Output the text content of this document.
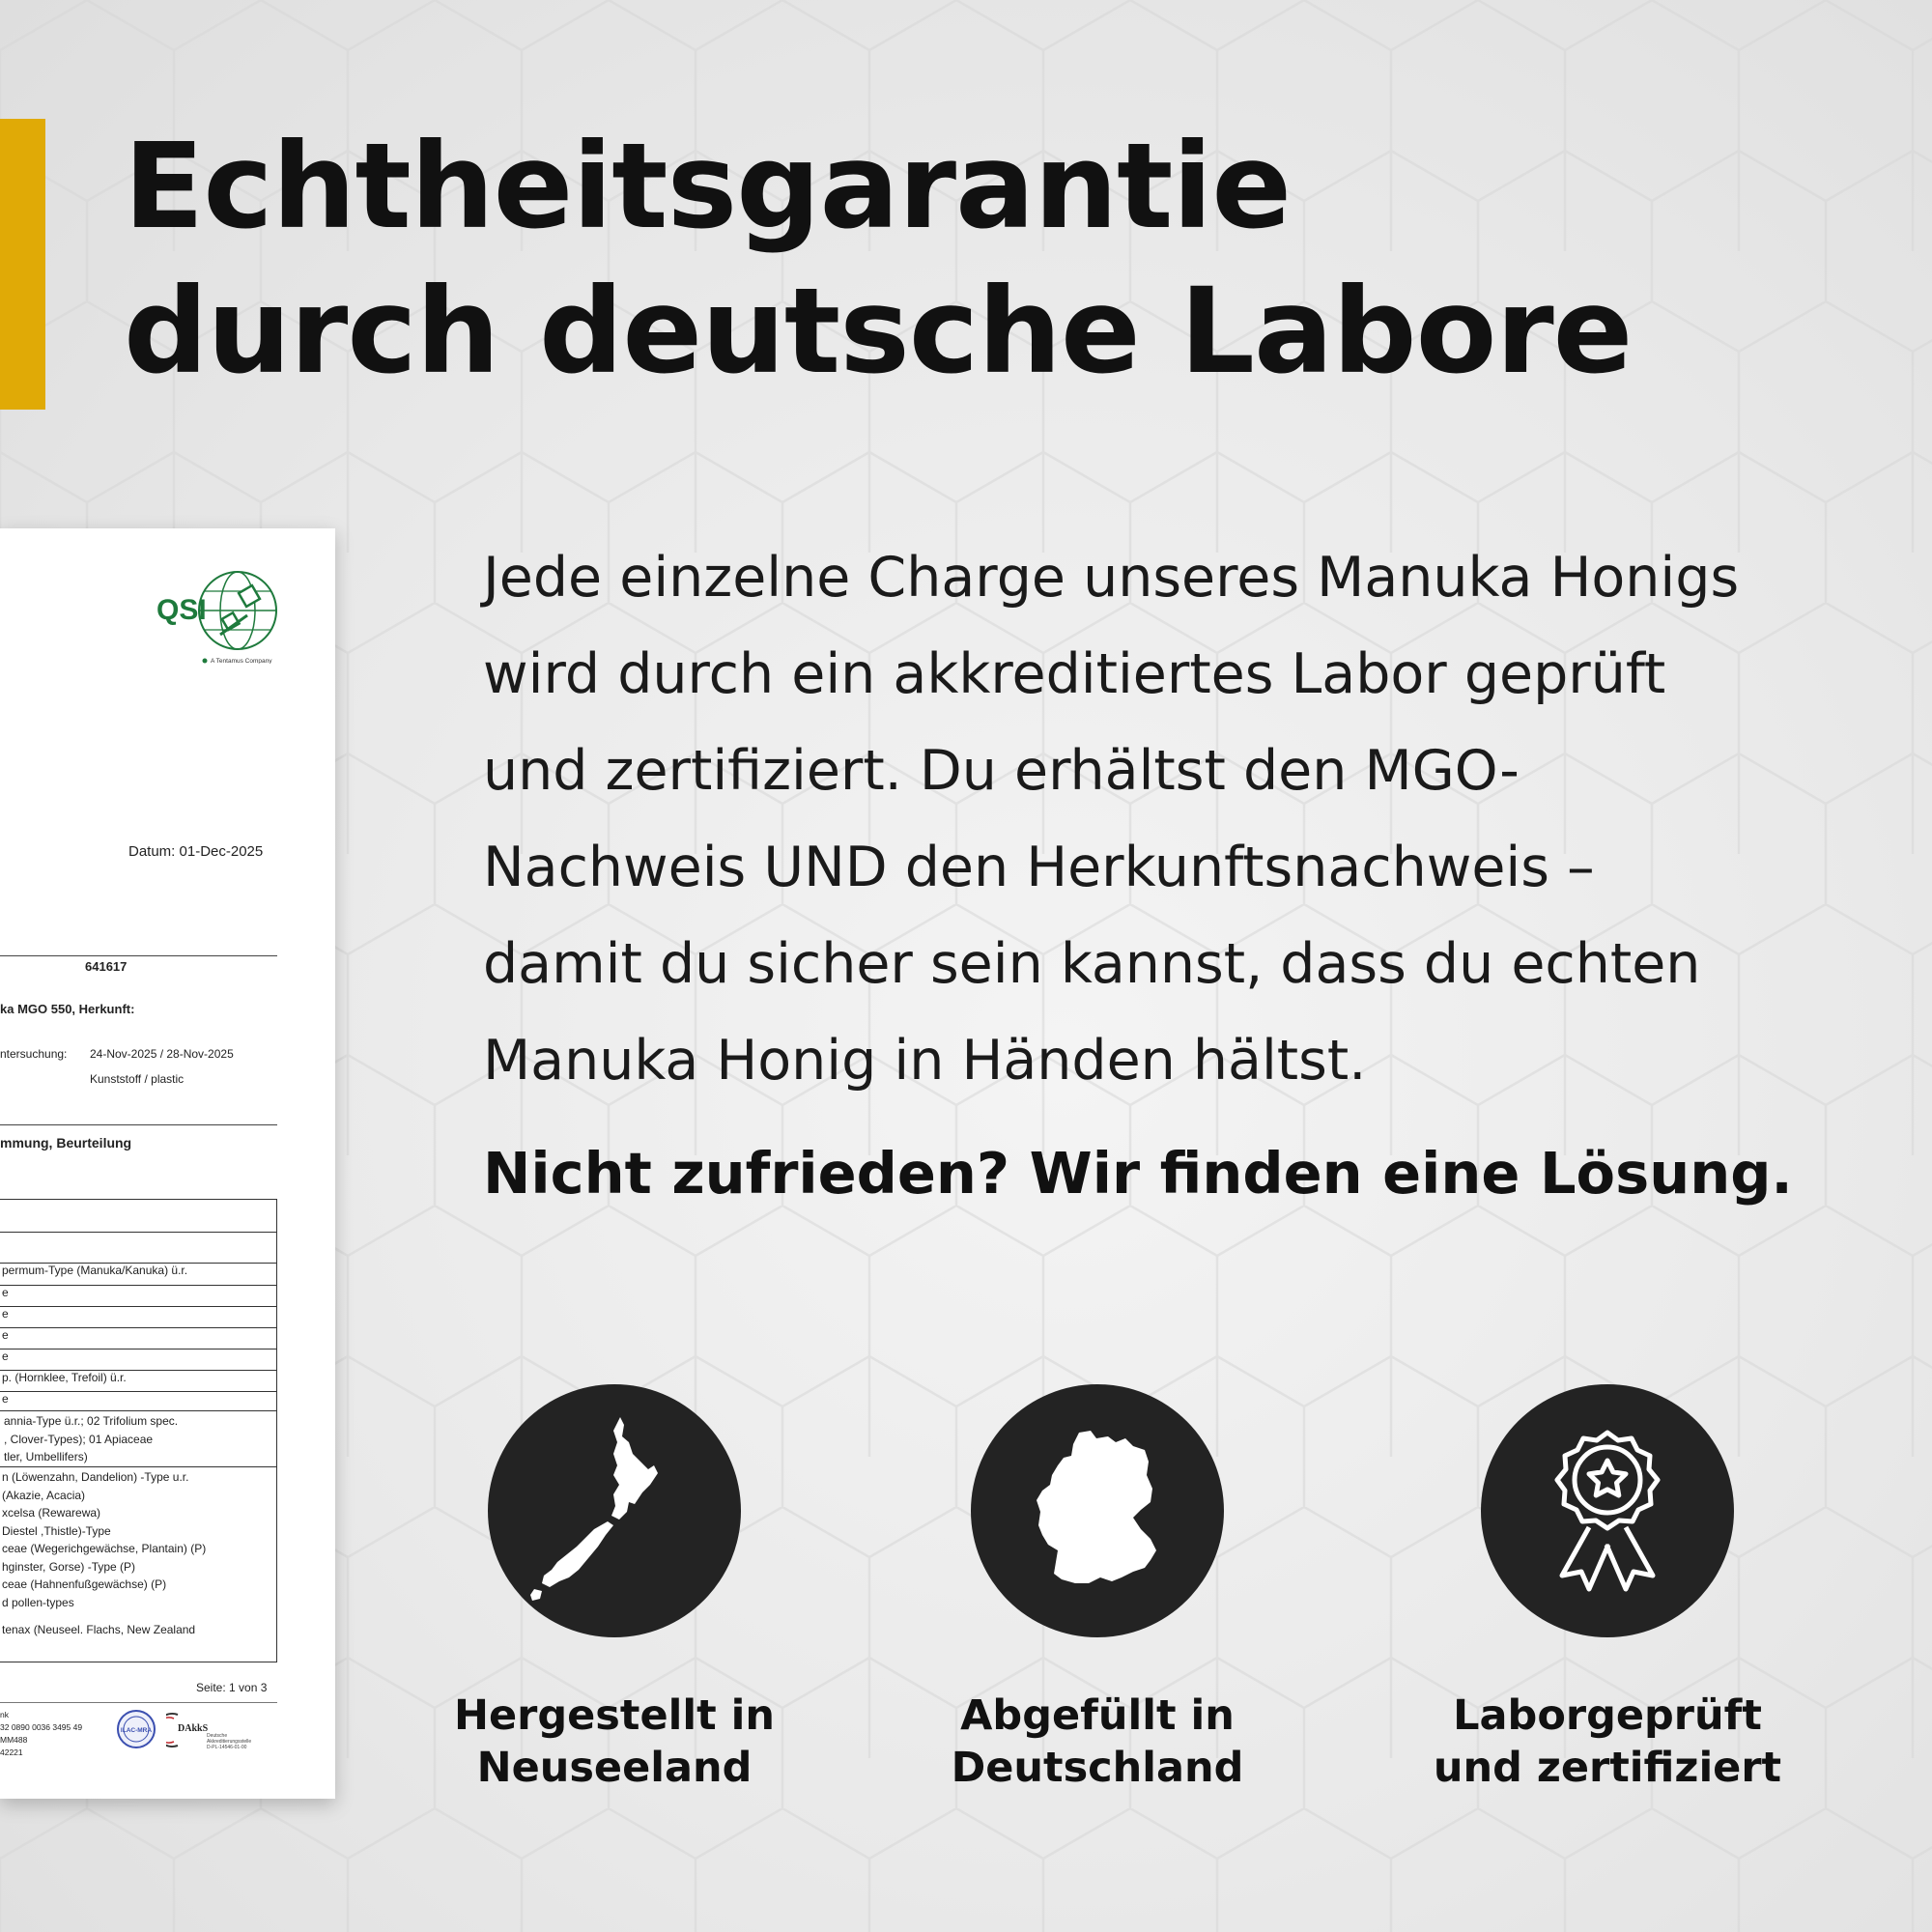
Echtheitsgarantie
durch deutsche Labore
QSI
A Tentamus Company
Datum: 01-Dec-2025
641617
ka MGO 550, Herkunft:
ntersuchung: 24-Nov-2025 / 28-Nov-2025
Kunststoff / plastic
mmung, Beurteilung
permum-Type (Manuka/Kanuka) ü.r.
e
e
e
e
p. (Hornklee, Trefoil) ü.r.
e
annia-Type ü.r.; 02 Trifolium spec.
, Clover-Types); 01 Apiaceae
tler, Umbellifers)
n (Löwenzahn, Dandelion) -Type u.r.
(Akazie, Acacia)
xcelsa (Rewarewa)
Diestel ,Thistle)-Type
ceae (Wegerichgewächse, Plantain) (P)
hginster, Gorse) -Type (P)
ceae (Hahnenfußgewächse) (P)
d pollen-types
tenax (Neuseel. Flachs, New Zealand
Seite: 1 von 3
nk
32 0890 0036 3495 49
MM488
42221
ILAC-MRA	DAkkS
Deutsche
Akkreditierungsstelle
D-PL-14546-01-00

Jede einzelne Charge unseres Manuka Honigs
wird durch ein akkreditiertes Labor geprüft
und zertifiziert. Du erhältst den MGO-
Nachweis UND den Herkunftsnachweis –
damit du sicher sein kannst, dass du echten
Manuka Honig in Händen hältst.

Nicht zufrieden? Wir finden eine Lösung.

Hergestellt in
Neuseeland
Abgefüllt in
Deutschland
Laborgeprüft
und zertifiziert
